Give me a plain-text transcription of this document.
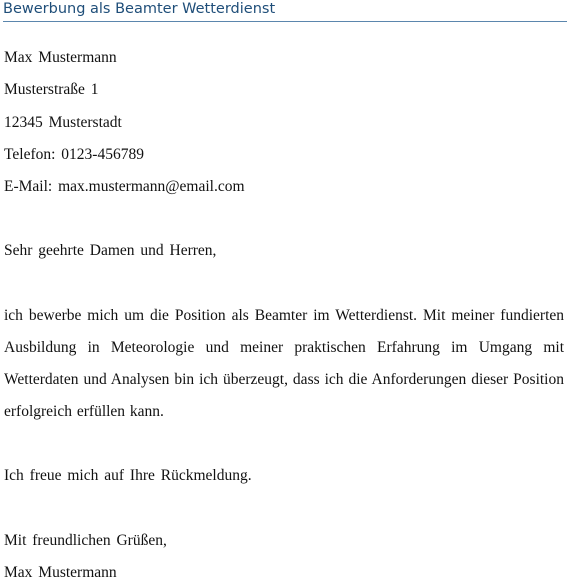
Bewerbung als Beamter Wetterdienst
Max Mustermann
Musterstraße 1
12345 Musterstadt
Telefon: 0123-456789
E-Mail: max.mustermann@email.com
Sehr geehrte Damen und Herren,
ich bewerbe mich um die Position als Beamter im Wetterdienst. Mit meiner fundierten Ausbildung in Meteorologie und meiner praktischen Erfahrung im Umgang mit Wetterdaten und Analysen bin ich überzeugt, dass ich die Anforderungen dieser Position erfolgreich erfüllen kann.
Ich freue mich auf Ihre Rückmeldung.
Mit freundlichen Grüßen,
Max Mustermann
